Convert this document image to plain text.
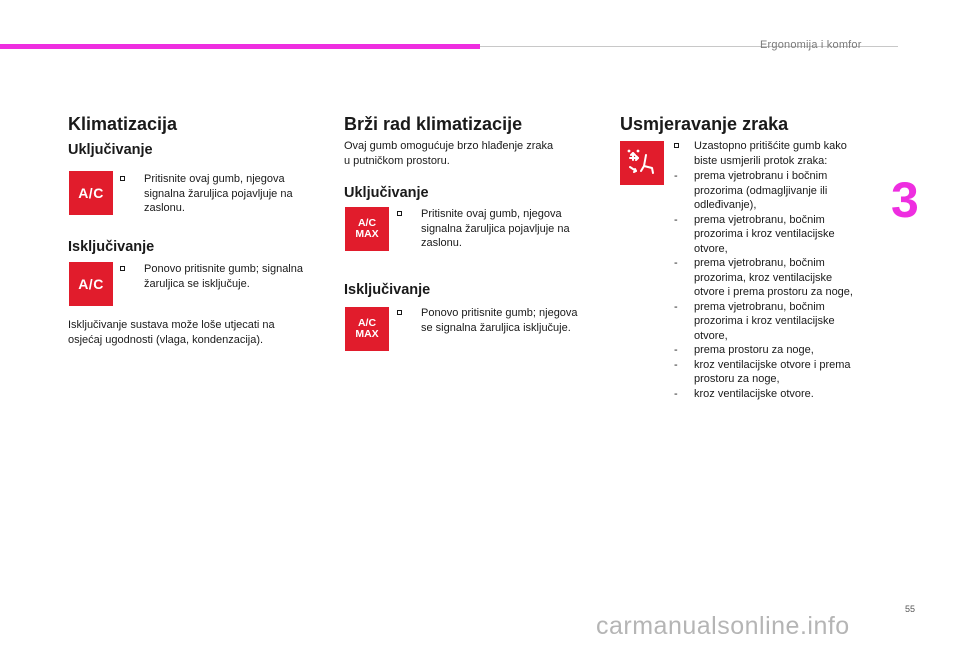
Ergonomija i komfor
3
Klimatizacija
Uključivanje
A/C
Pritisnite ovaj gumb, njegova
signalna žaruljica pojavljuje na
zaslonu.
Isključivanje
A/C
Ponovo pritisnite gumb; signalna
žaruljica se isključuje.
Isključivanje sustava može loše utjecati na
osjećaj ugodnosti (vlaga, kondenzacija).
Brži rad klimatizacije
Ovaj gumb omogućuje brzo hlađenje zraka
u putničkom prostoru.
Uključivanje
A/C
MAX
Pritisnite ovaj gumb, njegova
signalna žaruljica pojavljuje na
zaslonu.
Isključivanje
A/C
MAX
Ponovo pritisnite gumb; njegova
se signalna žaruljica isključuje.
Usmjeravanje zraka
Uzastopno pritišćite gumb kako
biste usmjerili protok zraka:
- prema vjetrobranu i bočnim
prozorima (odmagljivanje ili
odleđivanje),
- prema vjetrobranu, bočnim
prozorima i kroz ventilacijske
otvore,
- prema vjetrobranu, bočnim
prozorima, kroz ventilacijske
otvore i prema prostoru za noge,
- prema vjetrobranu, bočnim
prozorima i kroz ventilacijske
otvore,
- prema prostoru za noge,
- kroz ventilacijske otvore i prema
prostoru za noge,
- kroz ventilacijske otvore.
55
carmanualsonline.info
